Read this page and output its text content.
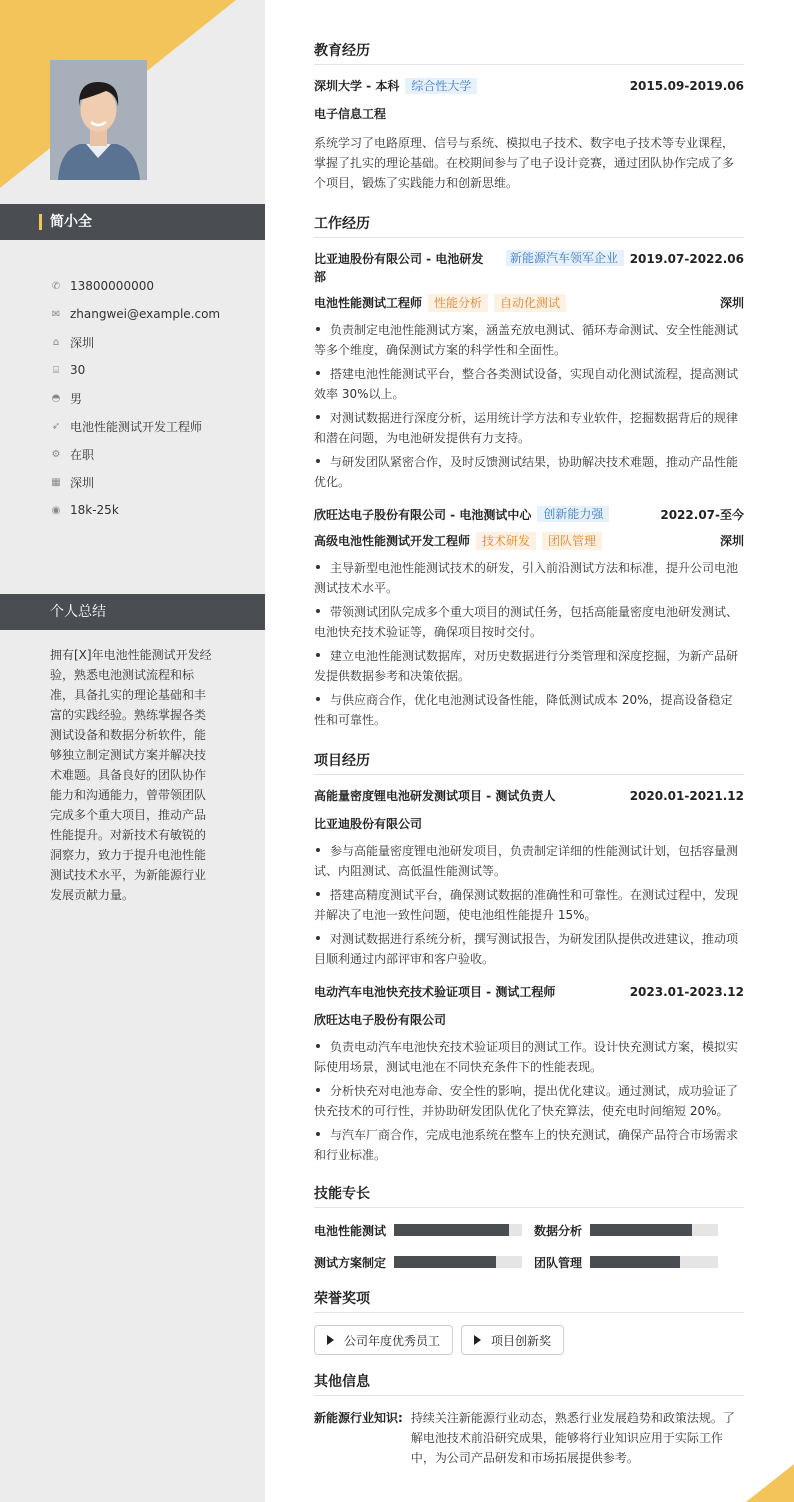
简小全
✆ 13800000000
✉ zhangwei@example.com
⌂ 深圳
⌸ 30
◓ 男
➶ 电池性能测试开发工程师
⚙ 在职
▦ 深圳
◉ 18k-25k
个人总结
拥有[X]年电池性能测试开发经验，熟悉电池测试流程和标准，具备扎实的理论基础和丰富的实践经验。熟练掌握各类测试设备和数据分析软件，能够独立制定测试方案并解决技术难题。具备良好的团队协作能力和沟通能力，曾带领团队完成多个重大项目，推动产品性能提升。对新技术有敏锐的洞察力，致力于提升电池性能测试技术水平，为新能源行业发展贡献力量。
教育经历
深圳大学 - 本科 综合性大学	2015.09-2019.06
电子信息工程
系统学习了电路原理、信号与系统、模拟电子技术、数字电子技术等专业课程，掌握了扎实的理论基础。在校期间参与了电子设计竞赛，通过团队协作完成了多个项目，锻炼了实践能力和创新思维。
工作经历
比亚迪股份有限公司 - 电池研发部
新能源汽车领军企业 2019.07-2022.06
电池性能测试工程师 性能分析 自动化测试	深圳
负责制定电池性能测试方案，涵盖充放电测试、循环寿命测试、安全性能测试等多个维度，确保测试方案的科学性和全面性。
搭建电池性能测试平台，整合各类测试设备，实现自动化测试流程，提高测试效率 30%以上。
对测试数据进行深度分析，运用统计学方法和专业软件，挖掘数据背后的规律和潜在问题，为电池研发提供有力支持。
与研发团队紧密合作，及时反馈测试结果，协助解决技术难题，推动产品性能优化。
欣旺达电子股份有限公司 - 电池测试中心	创新能力强	2022.07-至今
高级电池性能测试开发工程师 技术研发 团队管理	深圳
主导新型电池性能测试技术的研发，引入前沿测试方法和标准，提升公司电池测试技术水平。
带领测试团队完成多个重大项目的测试任务，包括高能量密度电池研发测试、电池快充技术验证等，确保项目按时交付。
建立电池性能测试数据库，对历史数据进行分类管理和深度挖掘，为新产品研发提供数据参考和决策依据。
与供应商合作，优化电池测试设备性能，降低测试成本 20%，提高设备稳定性和可靠性。
项目经历
高能量密度锂电池研发测试项目 - 测试负责人	2020.01-2021.12
比亚迪股份有限公司
参与高能量密度锂电池研发项目，负责制定详细的性能测试计划，包括容量测试、内阻测试、高低温性能测试等。
搭建高精度测试平台，确保测试数据的准确性和可靠性。在测试过程中，发现并解决了电池一致性问题，使电池组性能提升 15%。
对测试数据进行系统分析，撰写测试报告，为研发团队提供改进建议，推动项目顺利通过内部评审和客户验收。
电动汽车电池快充技术验证项目 - 测试工程师	2023.01-2023.12
欣旺达电子股份有限公司
负责电动汽车电池快充技术验证项目的测试工作。设计快充测试方案，模拟实际使用场景，测试电池在不同快充条件下的性能表现。
分析快充对电池寿命、安全性的影响，提出优化建议。通过测试，成功验证了快充技术的可行性，并协助研发团队优化了快充算法，使充电时间缩短 20%。
与汽车厂商合作，完成电池系统在整车上的快充测试，确保产品符合市场需求和行业标准。
技能专长
电池性能测试	数据分析
测试方案制定	团队管理
荣誉奖项
公司年度优秀员工	项目创新奖
其他信息
新能源行业知识: 持续关注新能源行业动态，熟悉行业发展趋势和政策法规。了解电池技术前沿研究成果，能够将行业知识应用于实际工作中，为公司产品研发和市场拓展提供参考。
